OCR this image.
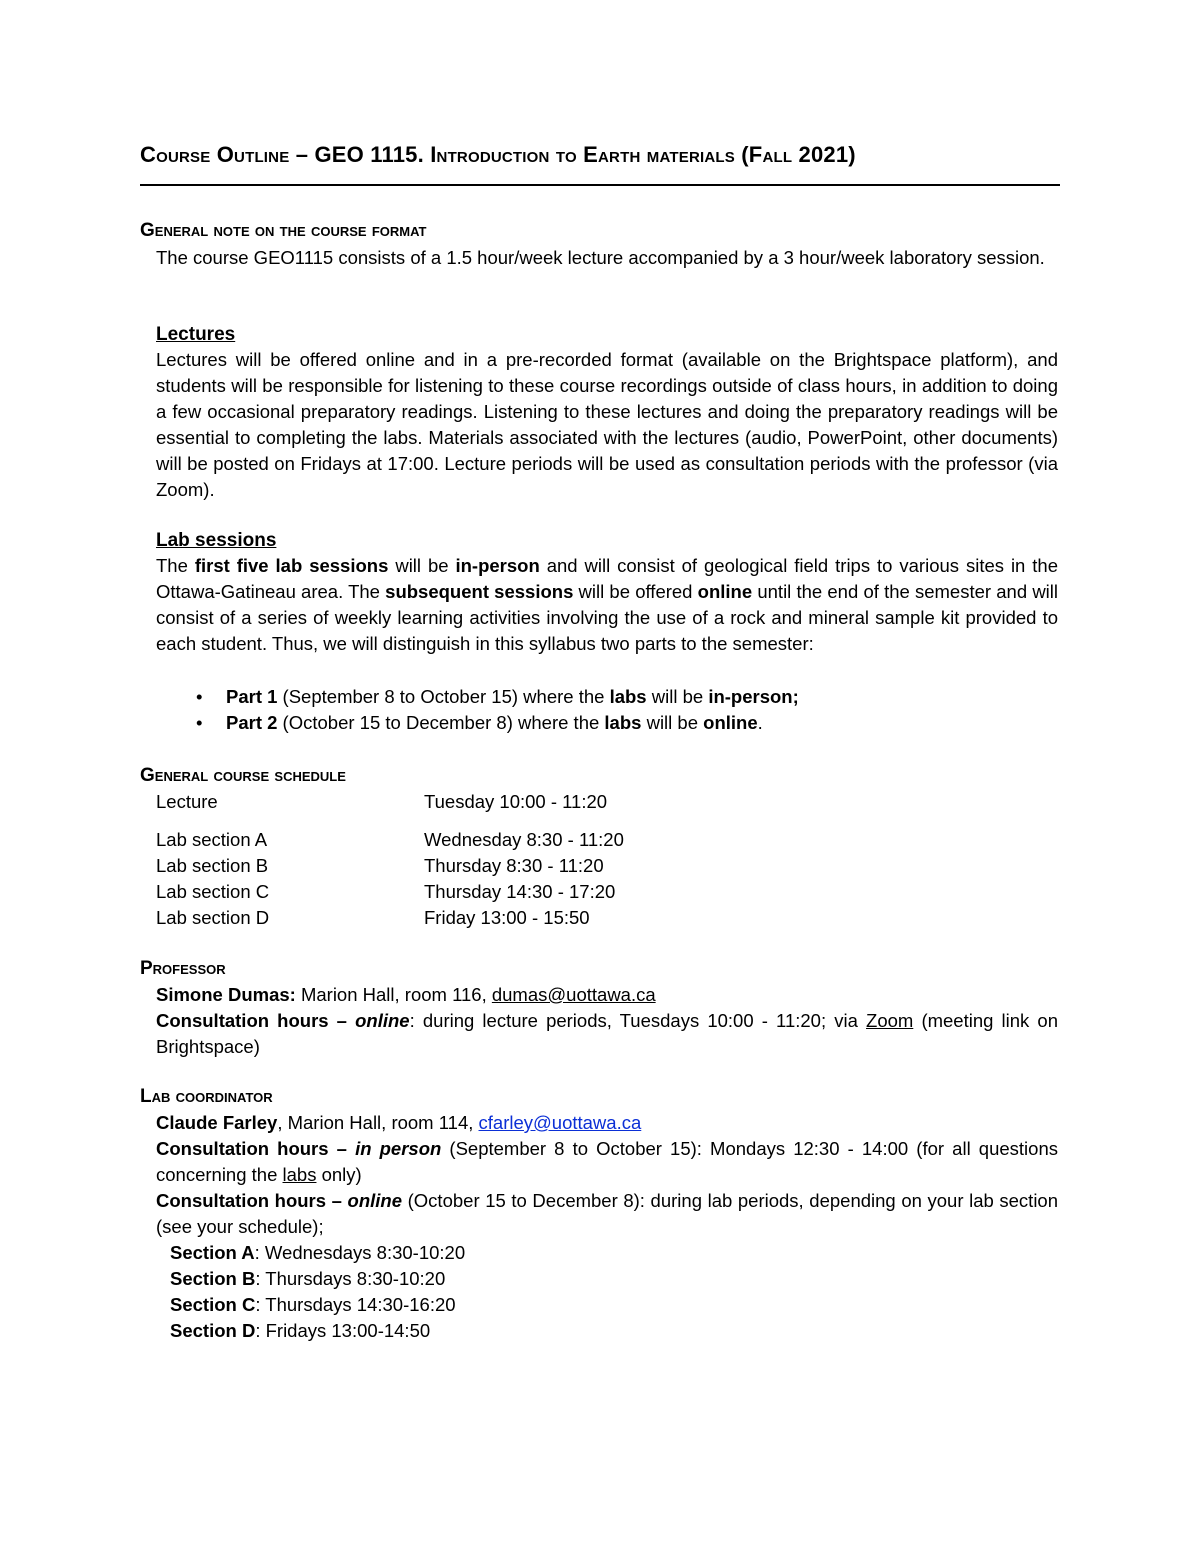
Course Outline – GEO 1115. Introduction to Earth materials (Fall 2021)
General note on the course format
The course GEO1115 consists of a 1.5 hour/week lecture accompanied by a 3 hour/week laboratory session.
Lectures
Lectures will be offered online and in a pre-recorded format (available on the Brightspace platform), and students will be responsible for listening to these course recordings outside of class hours, in addition to doing a few occasional preparatory readings. Listening to these lectures and doing the preparatory readings will be essential to completing the labs. Materials associated with the lectures (audio, PowerPoint, other documents) will be posted on Fridays at 17:00. Lecture periods will be used as consultation periods with the professor (via Zoom).
Lab sessions
The first five lab sessions will be in-person and will consist of geological field trips to various sites in the Ottawa-Gatineau area. The subsequent sessions will be offered online until the end of the semester and will consist of a series of weekly learning activities involving the use of a rock and mineral sample kit provided to each student. Thus, we will distinguish in this syllabus two parts to the semester:
• Part 1 (September 8 to October 15) where the labs will be in-person;
• Part 2 (October 15 to December 8) where the labs will be online.
General course schedule
Lecture	Tuesday 10:00 - 11:20
Lab section A	Wednesday 8:30 - 11:20
Lab section B	Thursday 8:30 - 11:20
Lab section C	Thursday 14:30 - 17:20
Lab section D	Friday 13:00 - 15:50
Professor
Simone Dumas: Marion Hall, room 116, dumas@uottawa.ca
Consultation hours – online: during lecture periods, Tuesdays 10:00 - 11:20; via Zoom (meeting link on Brightspace)
Lab coordinator
Claude Farley, Marion Hall, room 114, cfarley@uottawa.ca
Consultation hours – in person (September 8 to October 15): Mondays 12:30 - 14:00 (for all questions concerning the labs only)
Consultation hours – online (October 15 to December 8): during lab periods, depending on your lab section (see your schedule);
Section A: Wednesdays 8:30-10:20
Section B: Thursdays 8:30-10:20
Section C: Thursdays 14:30-16:20
Section D: Fridays 13:00-14:50
